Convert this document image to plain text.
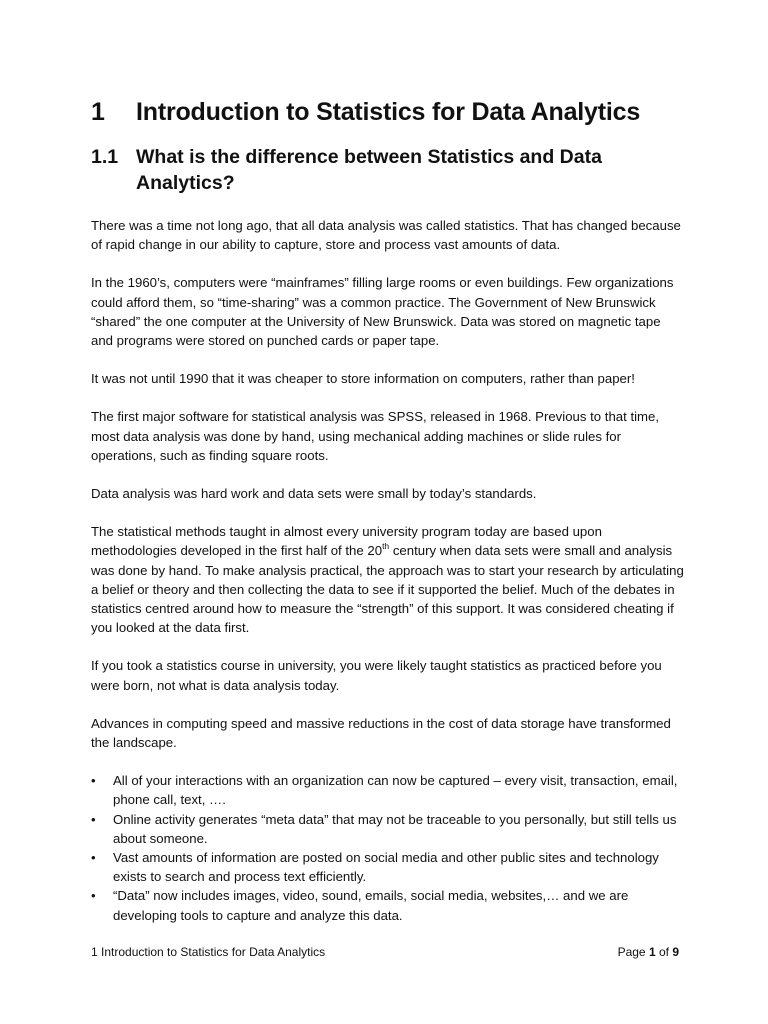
1	Introduction to Statistics for Data Analytics
1.1 What is the difference between Statistics and Data Analytics?

There was a time not long ago, that all data analysis was called statistics. That has changed because of rapid change in our ability to capture, store and process vast amounts of data.

In the 1960’s, computers were “mainframes” filling large rooms or even buildings. Few organizations could afford them, so “time-sharing” was a common practice. The Government of New Brunswick “shared” the one computer at the University of New Brunswick. Data was stored on magnetic tape and programs were stored on punched cards or paper tape.

It was not until 1990 that it was cheaper to store information on computers, rather than paper!

The first major software for statistical analysis was SPSS, released in 1968. Previous to that time, most data analysis was done by hand, using mechanical adding machines or slide rules for operations, such as finding square roots.

Data analysis was hard work and data sets were small by today’s standards.

The statistical methods taught in almost every university program today are based upon methodologies developed in the first half of the 20th century when data sets were small and analysis was done by hand. To make analysis practical, the approach was to start your research by articulating a belief or theory and then collecting the data to see if it supported the belief. Much of the debates in statistics centred around how to measure the “strength” of this support. It was considered cheating if you looked at the data first.

If you took a statistics course in university, you were likely taught statistics as practiced before you were born, not what is data analysis today.

Advances in computing speed and massive reductions in the cost of data storage have transformed the landscape.

•	All of your interactions with an organization can now be captured – every visit, transaction, email, phone call, text, ….
•	Online activity generates “meta data” that may not be traceable to you personally, but still tells us about someone.
•	Vast amounts of information are posted on social media and other public sites and technology exists to search and process text efficiently.
•	“Data” now includes images, video, sound, emails, social media, websites,… and we are developing tools to capture and analyze this data.
1 Introduction to Statistics for Data Analytics	Page 1 of 9
